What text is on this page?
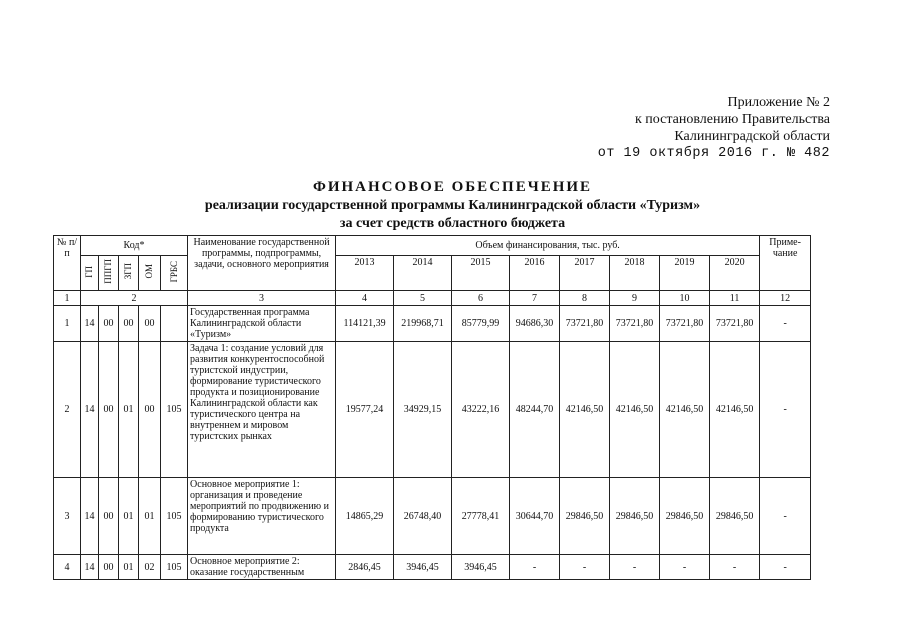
Приложение № 2
к постановлению Правительства
Калининградской области
от 19 октября 2016 г. № 482
ФИНАНСОВОЕ ОБЕСПЕЧЕНИЕ
реализации государственной программы Калининградской области «Туризм»
за счет средств областного бюджета
№ п/п	Код*					Наименование государственной программы, подпрограммы, задачи, основного мероприятия	Объем финансирования, тыс. руб.								Приме-чание
	ГП	ППГП	ЗГП	ОМ	ГРБС		2013	2014	2015	2016	2017	2018	2019	2020	
1	2					3	4	5	6	7	8	9	10	11	12
1	14	00	00	00		Государственная программа Калининградской области «Туризм»	114121,39	219968,71	85779,99	94686,30	73721,80	73721,80	73721,80	73721,80	-
2	14	00	01	00	105	Задача 1: создание условий для развития конкурентоспособной туристской индустрии, формирование туристического продукта и позиционирование Калининградской области как туристического центра на внутреннем и мировом туристских рынках	19577,24	34929,15	43222,16	48244,70	42146,50	42146,50	42146,50	42146,50	-
3	14	00	01	01	105	Основное мероприятие 1: организация и проведение мероприятий по продвижению и формированию туристического продукта	14865,29	26748,40	27778,41	30644,70	29846,50	29846,50	29846,50	29846,50	-
4	14	00	01	02	105	Основное мероприятие 2: оказание государственным	2846,45	3946,45	3946,45	-	-	-	-	-	-
